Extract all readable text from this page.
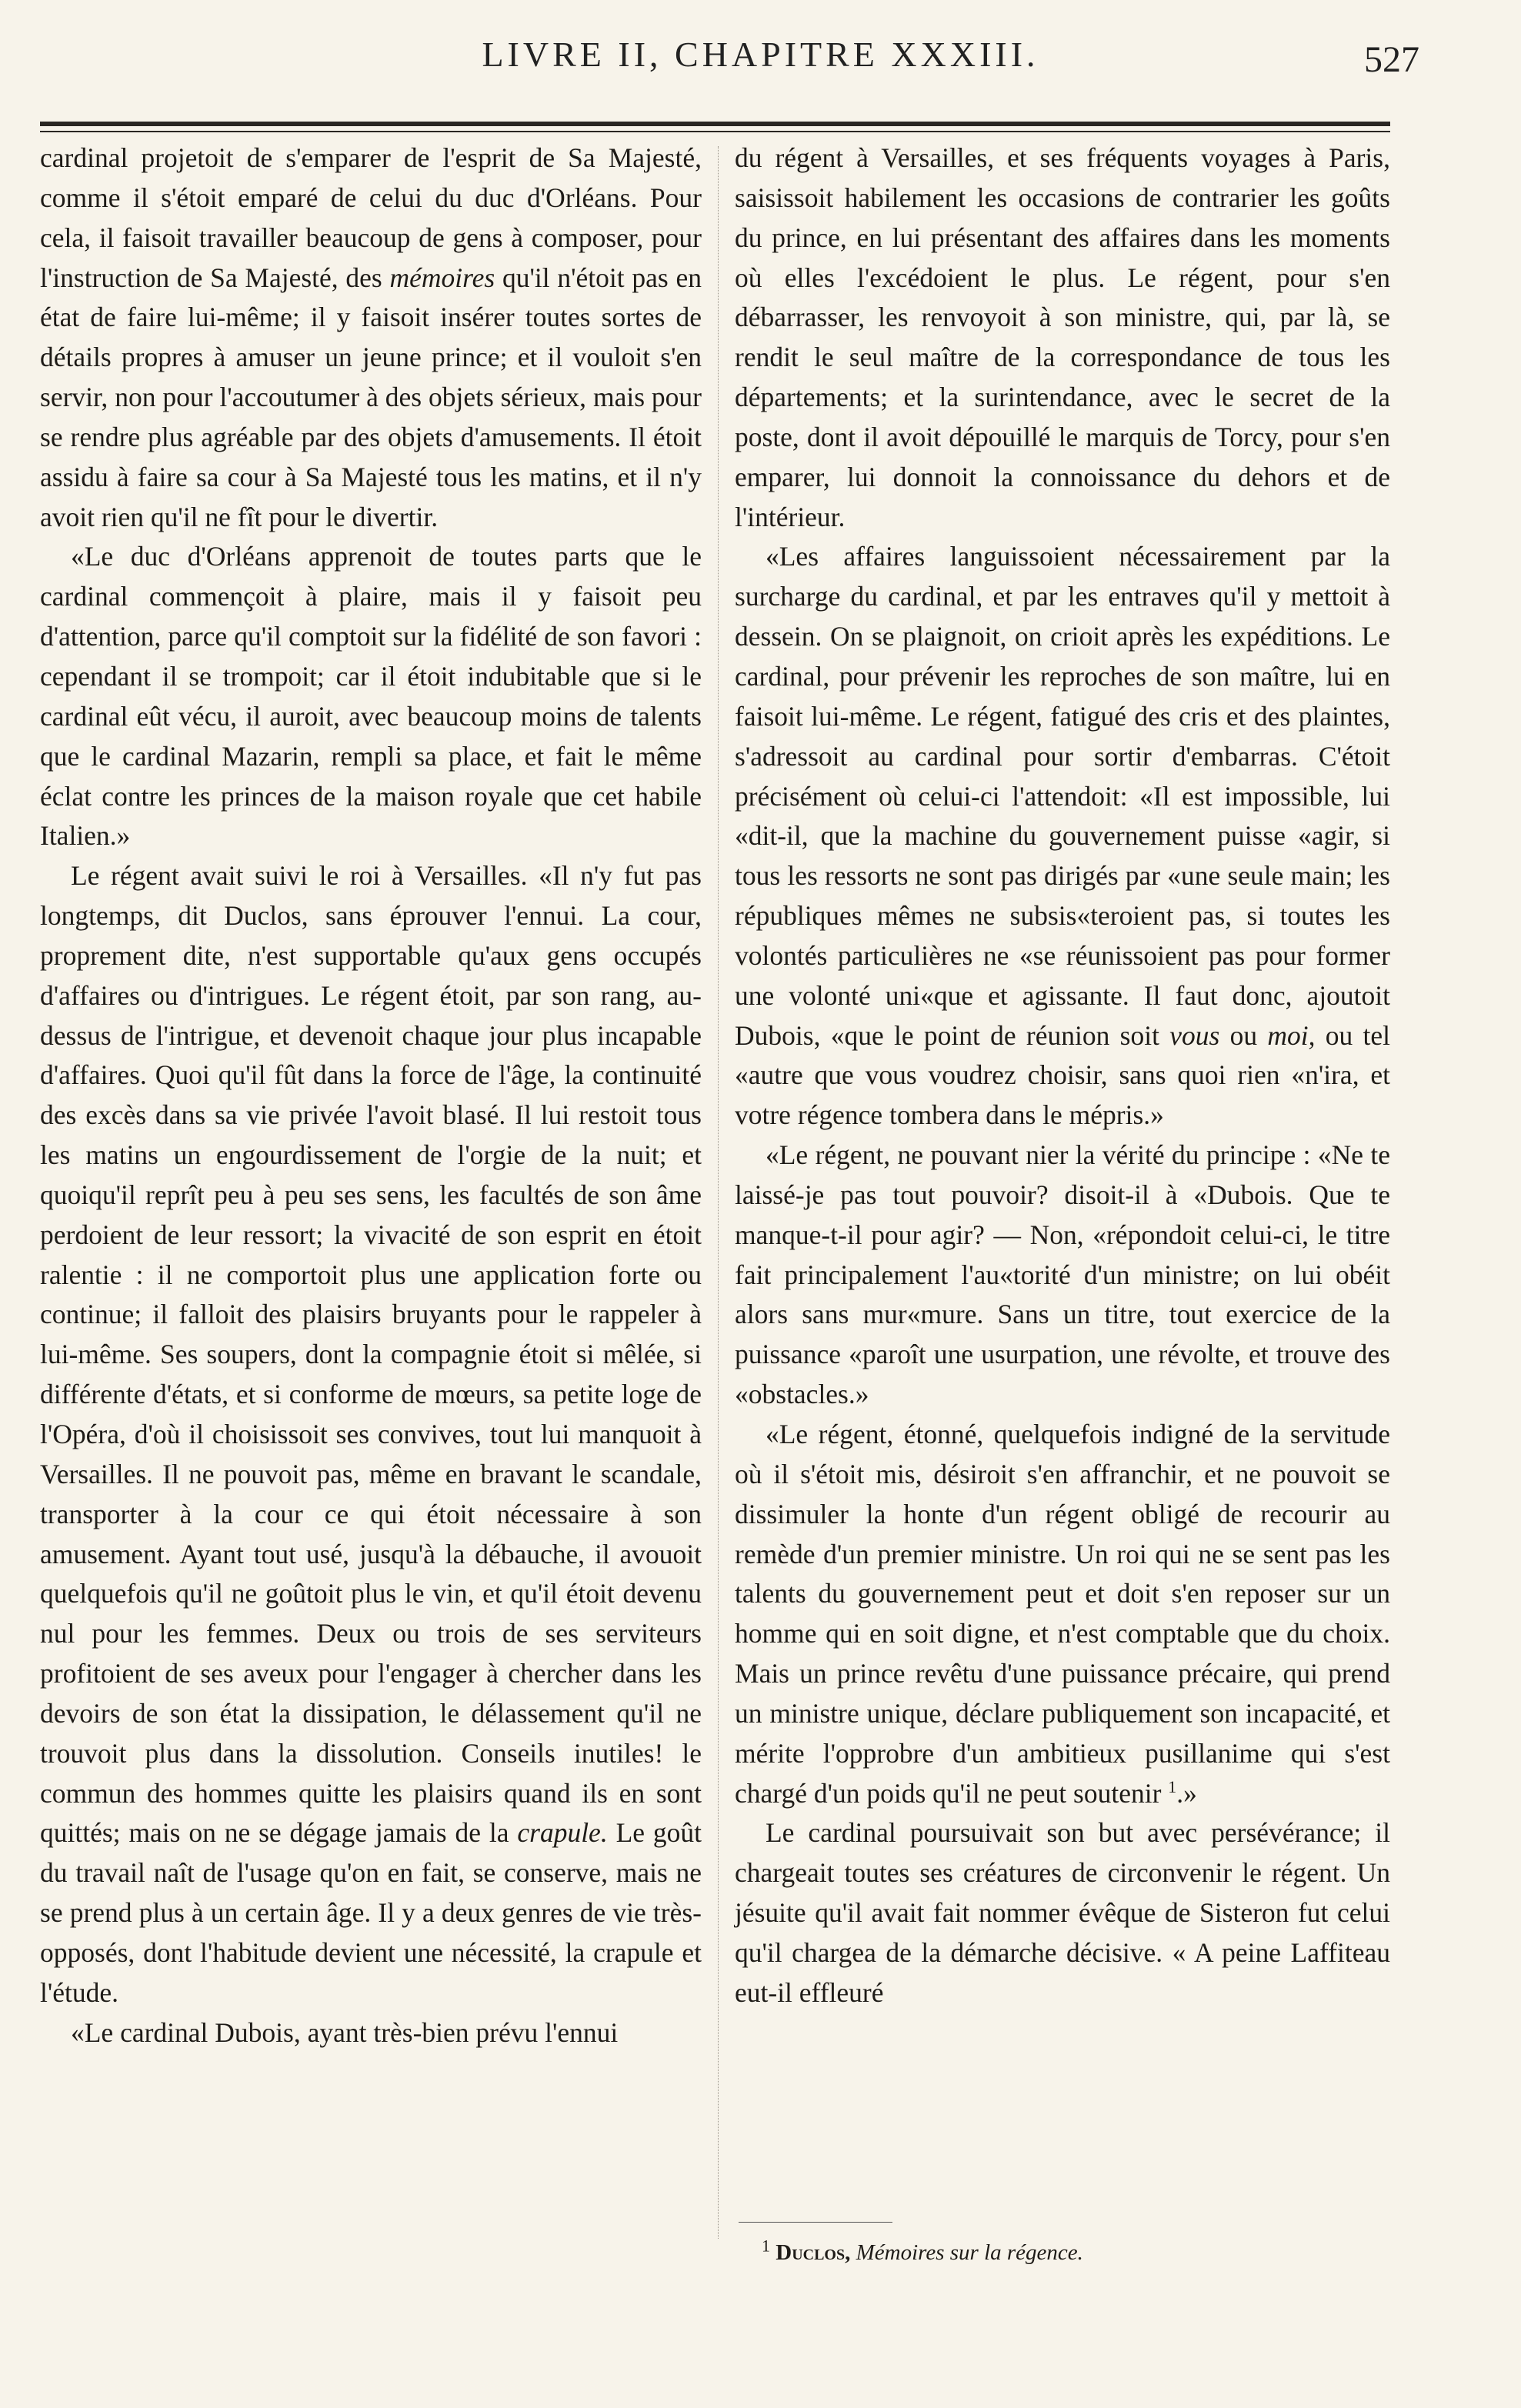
LIVRE II, CHAPITRE XXXIII.	527

cardinal projetoit de s'emparer de l'esprit de Sa Majesté, comme il s'étoit emparé de celui du duc d'Orléans. Pour cela, il faisoit travailler beaucoup de gens à composer, pour l'instruction de Sa Majesté, des mémoires qu'il n'étoit pas en état de faire lui-même; il y faisoit insérer toutes sortes de détails propres à amuser un jeune prince; et il vouloit s'en servir, non pour l'accoutumer à des objets sérieux, mais pour se rendre plus agréable par des objets d'amusements. Il étoit assidu à faire sa cour à Sa Majesté tous les matins, et il n'y avoit rien qu'il ne fît pour le divertir.

«Le duc d'Orléans apprenoit de toutes parts que le cardinal commençoit à plaire, mais il y faisoit peu d'attention, parce qu'il comptoit sur la fidélité de son favori : cependant il se trompoit; car il étoit indubitable que si le cardinal eût vécu, il auroit, avec beaucoup moins de talents que le cardinal Mazarin, rempli sa place, et fait le même éclat contre les princes de la maison royale que cet habile Italien.»

Le régent avait suivi le roi à Versailles. «Il n'y fut pas longtemps, dit Duclos, sans éprouver l'ennui. La cour, proprement dite, n'est supportable qu'aux gens occupés d'affaires ou d'intrigues. Le régent étoit, par son rang, au-dessus de l'intrigue, et devenoit chaque jour plus incapable d'affaires. Quoi qu'il fût dans la force de l'âge, la continuité des excès dans sa vie privée l'avoit blasé. Il lui restoit tous les matins un engourdissement de l'orgie de la nuit; et quoiqu'il reprît peu à peu ses sens, les facultés de son âme perdoient de leur ressort; la vivacité de son esprit en étoit ralentie : il ne comportoit plus une application forte ou continue; il falloit des plaisirs bruyants pour le rappeler à lui-même. Ses soupers, dont la compagnie étoit si mêlée, si différente d'états, et si conforme de mœurs, sa petite loge de l'Opéra, d'où il choisissoit ses convives, tout lui manquoit à Versailles. Il ne pouvoit pas, même en bravant le scandale, transporter à la cour ce qui étoit nécessaire à son amusement. Ayant tout usé, jusqu'à la débauche, il avouoit quelquefois qu'il ne goûtoit plus le vin, et qu'il étoit devenu nul pour les femmes. Deux ou trois de ses serviteurs profitoient de ses aveux pour l'engager à chercher dans les devoirs de son état la dissipation, le délassement qu'il ne trouvoit plus dans la dissolution. Conseils inutiles! le commun des hommes quitte les plaisirs quand ils en sont quittés; mais on ne se dégage jamais de la crapule. Le goût du travail naît de l'usage qu'on en fait, se conserve, mais ne se prend plus à un certain âge. Il y a deux genres de vie très-opposés, dont l'habitude devient une nécessité, la crapule et l'étude.

«Le cardinal Dubois, ayant très-bien prévu l'ennui

du régent à Versailles, et ses fréquents voyages à Paris, saisissoit habilement les occasions de contrarier les goûts du prince, en lui présentant des affaires dans les moments où elles l'excédoient le plus. Le régent, pour s'en débarrasser, les renvoyoit à son ministre, qui, par là, se rendit le seul maître de la correspondance de tous les départements; et la surintendance, avec le secret de la poste, dont il avoit dépouillé le marquis de Torcy, pour s'en emparer, lui donnoit la connoissance du dehors et de l'intérieur.

«Les affaires languissoient nécessairement par la surcharge du cardinal, et par les entraves qu'il y mettoit à dessein. On se plaignoit, on crioit après les expéditions. Le cardinal, pour prévenir les reproches de son maître, lui en faisoit lui-même. Le régent, fatigué des cris et des plaintes, s'adressoit au cardinal pour sortir d'embarras. C'étoit précisément où celui-ci l'attendoit: «Il est impossible, lui «dit-il, que la machine du gouvernement puisse «agir, si tous les ressorts ne sont pas dirigés par «une seule main; les républiques mêmes ne subsis«teroient pas, si toutes les volontés particulières ne «se réunissoient pas pour former une volonté uni«que et agissante. Il faut donc, ajoutoit Dubois, «que le point de réunion soit vous ou moi, ou tel «autre que vous voudrez choisir, sans quoi rien «n'ira, et votre régence tombera dans le mépris.»

«Le régent, ne pouvant nier la vérité du principe : «Ne te laissé-je pas tout pouvoir? disoit-il à «Dubois. Que te manque-t-il pour agir? — Non, «répondoit celui-ci, le titre fait principalement l'au«torité d'un ministre; on lui obéit alors sans mur«mure. Sans un titre, tout exercice de la puissance «paroît une usurpation, une révolte, et trouve des «obstacles.»

«Le régent, étonné, quelquefois indigné de la servitude où il s'étoit mis, désiroit s'en affranchir, et ne pouvoit se dissimuler la honte d'un régent obligé de recourir au remède d'un premier ministre. Un roi qui ne se sent pas les talents du gouvernement peut et doit s'en reposer sur un homme qui en soit digne, et n'est comptable que du choix. Mais un prince revêtu d'une puissance précaire, qui prend un ministre unique, déclare publiquement son incapacité, et mérite l'opprobre d'un ambitieux pusillanime qui s'est chargé d'un poids qu'il ne peut soutenir $^1$.»

Le cardinal poursuivait son but avec persévérance; il chargeait toutes ses créatures de circonvenir le régent. Un jésuite qu'il avait fait nommer évêque de Sisteron fut celui qu'il chargea de la démarche décisive. « A peine Laffiteau eut-il effleuré

$^1$ Duclos, Mémoires sur la régence.
